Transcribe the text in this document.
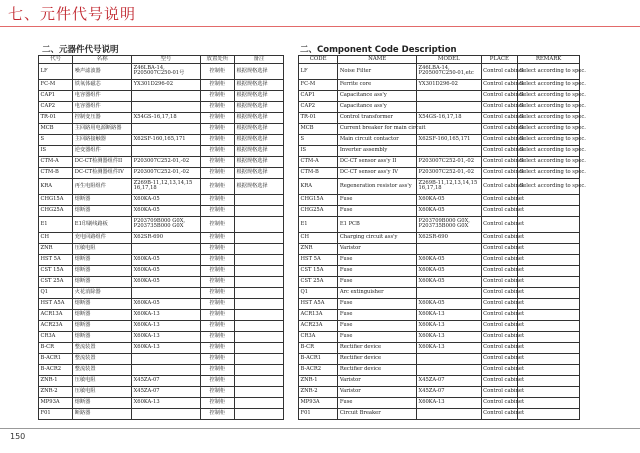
七、元件代号说明
二、元器件代号说明	二、Component Code Description
代号	名称	型号	放置处所	备注
LF	噪声滤波器	Z46LBA-14,
P205007C250-01号	控制柜	根据规格选择
FC-M	铁氧体磁芯	YX301D296-02	控制柜	根据规格选择
CAP1	电容器组件		控制柜	根据规格选择
CAP2	电容器组件		控制柜	根据规格选择
TR-01	控制变压器	X54GS-16,17,18	控制柜	根据规格选择
MCB	主回路用电源断路器		控制柜	根据规格选择
S	主回路接触器	X62SF-160,165,171	控制柜	根据规格选择
IS	逆变器组件		控制柜	根据规格选择
CTM-A	DC-CT检测器组件II	P203007C252-01,-02	控制柜	根据规格选择
CTM-B	DC-CT检测器组件IV	P203007C252-01,-02	控制柜	根据规格选择
KRA	再生电阻组件	Z269B-11,12,13,14,15
16,17,18	控制柜	根据规格选择
CHG15A	熔断器	X60KA-05	控制柜	
CHG25A	熔断器	X60KA-05	控制柜	
E1	E1印刷线路板	P203709B000 G0X,
P203735B000 G0X	控制柜	
CH	充电回路组件	X62SR-690	控制柜	
ZNR	压敏电阻		控制柜	
HST 5A	熔断器	X60KA-05	控制柜	
CST 15A	熔断器	X60KA-05	控制柜	
CST 25A	熔断器	X60KA-05	控制柜	
Q1	火花消除器		控制柜	
HST A5A	熔断器	X60KA-05	控制柜	
ACR13A	熔断器	X60KA-13	控制柜	
ACR23A	熔断器	X60KA-13	控制柜	
CR3A	熔断器	X60KA-13	控制柜	
B-CR	整流装置	X60KA-13	控制柜	
B-ACR1	整流装置		控制柜	
B-ACR2	整流装置		控制柜	
ZNR-1	压敏电阻	X45ZA-07	控制柜	
ZNR-2	压敏电阻	X45ZA-07	控制柜	
MP93A	熔断器	X60KA-13	控制柜	
F01	断路器		控制柜	
CODE	NAME	MODEL	PLACE	REMARK
LF	Noise Filter	Z46LBA-14,
P205007C250-01,etc	Control cabinet	Select according to spec.
FC-M	Ferrite core	YX301D296-02	Control cabinet	Select according to spec.
CAP1	Capacitance ass'y		Control cabinet	Select according to spec.
CAP2	Capacitance ass'y		Control cabinet	Select according to spec.
TR-01	Control transformer	X54GS-16,17,18	Control cabinet	Select according to spec.
MCB	Current breaker for main circuit		Control cabinet	Select according to spec.
S	Main circuit contactor	X62SF-160,165,171	Control cabinet	Select according to spec.
IS	Inverter assembly		Control cabinet	Select according to spec.
CTM-A	DC-CT sensor ass'y II	P203007C252-01,-02	Control cabinet	Select according to spec.
CTM-B	DC-CT sensor ass'y IV	P203007C252-01,-02	Control cabinet	Select according to spec.
KRA	Regeneration resistor ass'y	Z269B-11,12,13,14,15
16,17,18	Control cabinet	Select according to spec.
CHG15A	Fuse	X60KA-05	Control cabinet	
CHG25A	Fuse	X60KA-05	Control cabinet	
E1	E1 PCB	P203709B000 G0X,
P203735B000 G0X	Control cabinet	
CH	Charging circuit ass'y	X62SR-690	Control cabinet	
ZNR	Varistor		Control cabinet	
HST 5A	Fuse	X60KA-05	Control cabinet	
CST 15A	Fuse	X60KA-05	Control cabinet	
CST 25A	Fuse	X60KA-05	Control cabinet	
Q1	Arc extinguisher		Control cabinet	
HST A5A	Fuse	X60KA-05	Control cabinet	
ACR13A	Fuse	X60KA-13	Control cabinet	
ACR23A	Fuse	X60KA-13	Control cabinet	
CR3A	Fuse	X60KA-13	Control cabinet	
B-CR	Rectifier device	X60KA-13	Control cabinet	
B-ACR1	Rectifier device		Control cabinet	
B-ACR2	Rectifier device		Control cabinet	
ZNR-1	Varistor	X45ZA-07	Control cabinet	
ZNR-2	Varistor	X45ZA-07	Control cabinet	
MP93A	Fuse	X60KA-13	Control cabinet	
F01	Circuit Breaker		Control cabinet	
150
